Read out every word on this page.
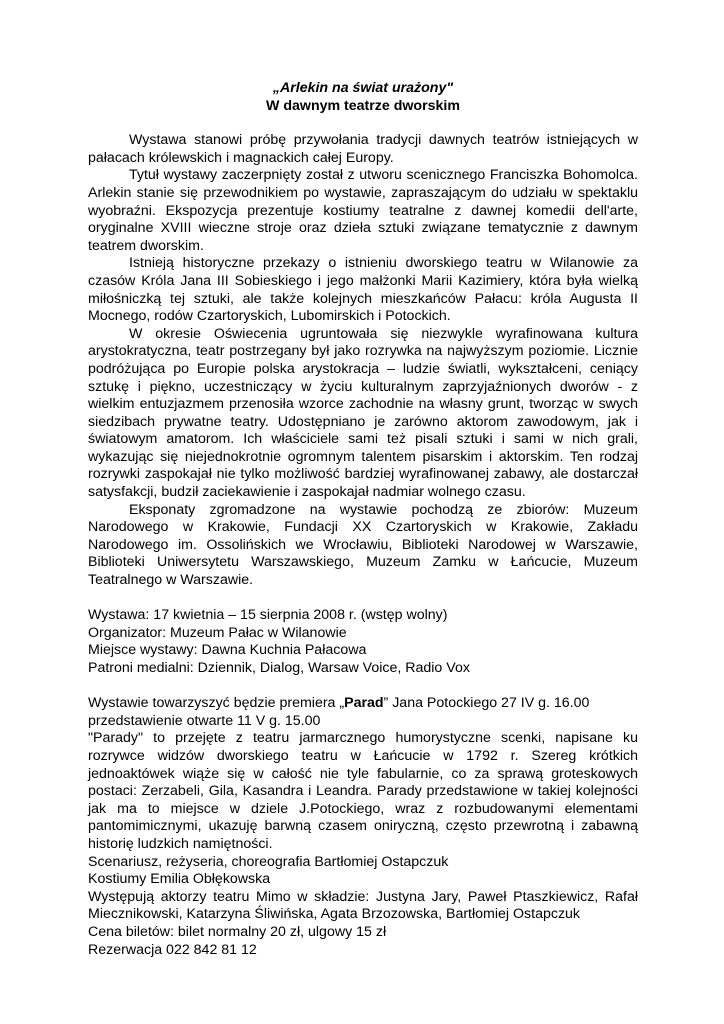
„Arlekin na świat urażony"

W dawnym teatrze dworskim

Wystawa stanowi próbę przywołania tradycji dawnych teatrów istniejących w pałacach królewskich i magnackich całej Europy.

Tytuł wystawy zaczerpnięty został z utworu scenicznego Franciszka Bohomolca. Arlekin stanie się przewodnikiem po wystawie, zapraszającym do udziału w spektaklu wyobraźni. Ekspozycja prezentuje kostiumy teatralne z dawnej komedii dell'arte, oryginalne XVIII wieczne stroje oraz dzieła sztuki związane tematycznie z dawnym teatrem dworskim.

Istnieją historyczne przekazy o istnieniu dworskiego teatru w Wilanowie za czasów Króla Jana III Sobieskiego i jego małżonki Marii Kazimiery, która była wielką miłośniczką tej sztuki, ale także kolejnych mieszkańców Pałacu: króla Augusta II Mocnego, rodów Czartoryskich, Lubomirskich i Potockich.

W okresie Oświecenia ugruntowała się niezwykle wyrafinowana kultura arystokratyczna, teatr postrzegany był jako rozrywka na najwyższym poziomie. Licznie podróżująca po Europie polska arystokracja – ludzie światli, wykształceni, ceniący sztukę i piękno, uczestniczący w życiu kulturalnym zaprzyjaźnionych dworów - z wielkim entuzjazmem przenosiła wzorce zachodnie na własny grunt, tworząc w swych siedzibach prywatne teatry. Udostępniano je zarówno aktorom zawodowym, jak i światowym amatorom. Ich właściciele sami też pisali sztuki i sami w nich grali, wykazując się niejednokrotnie ogromnym talentem pisarskim i aktorskim. Ten rodzaj rozrywki zaspokajał nie tylko możliwość bardziej wyrafinowanej zabawy, ale dostarczał satysfakcji, budził zaciekawienie i zaspokajał nadmiar wolnego czasu.

Eksponaty zgromadzone na wystawie pochodzą ze zbiorów: Muzeum Narodowego w Krakowie, Fundacji XX Czartoryskich w Krakowie, Zakładu Narodowego im. Ossolińskich we Wrocławiu, Biblioteki Narodowej w Warszawie, Biblioteki Uniwersytetu Warszawskiego, Muzeum Zamku w Łańcucie, Muzeum Teatralnego w Warszawie.

Wystawa: 17 kwietnia – 15 sierpnia 2008 r. (wstęp wolny)

Organizator: Muzeum Pałac w Wilanowie

Miejsce wystawy: Dawna Kuchnia Pałacowa

Patroni medialni: Dziennik, Dialog, Warsaw Voice, Radio Vox

Wystawie towarzyszyć będzie premiera „Parad” Jana Potockiego 27 IV g. 16.00

przedstawienie otwarte 11 V g. 15.00

"Parady" to przejęte z teatru jarmarcznego humorystyczne scenki, napisane ku rozrywce widzów dworskiego teatru w Łańcucie w 1792 r. Szereg krótkich jednoaktówek wiąże się w całość nie tyle fabularnie, co za sprawą groteskowych postaci: Zerzabeli, Gila, Kasandra i Leandra. Parady przedstawione w takiej kolejności jak ma to miejsce w dziele J.Potockiego, wraz z rozbudowanymi elementami pantomimicznymi, ukazuję barwną czasem oniryczną, często przewrotną i zabawną historię ludzkich namiętności.

Scenariusz, reżyseria, choreografia Bartłomiej Ostapczuk

Kostiumy Emilia Obłękowska

Występują aktorzy teatru Mimo w składzie: Justyna Jary, Paweł Ptaszkiewicz, Rafał Miecznikowski, Katarzyna Śliwińska, Agata Brzozowska, Bartłomiej Ostapczuk

Cena biletów: bilet normalny 20 zł, ulgowy 15 zł

Rezerwacja 022 842 81 12
